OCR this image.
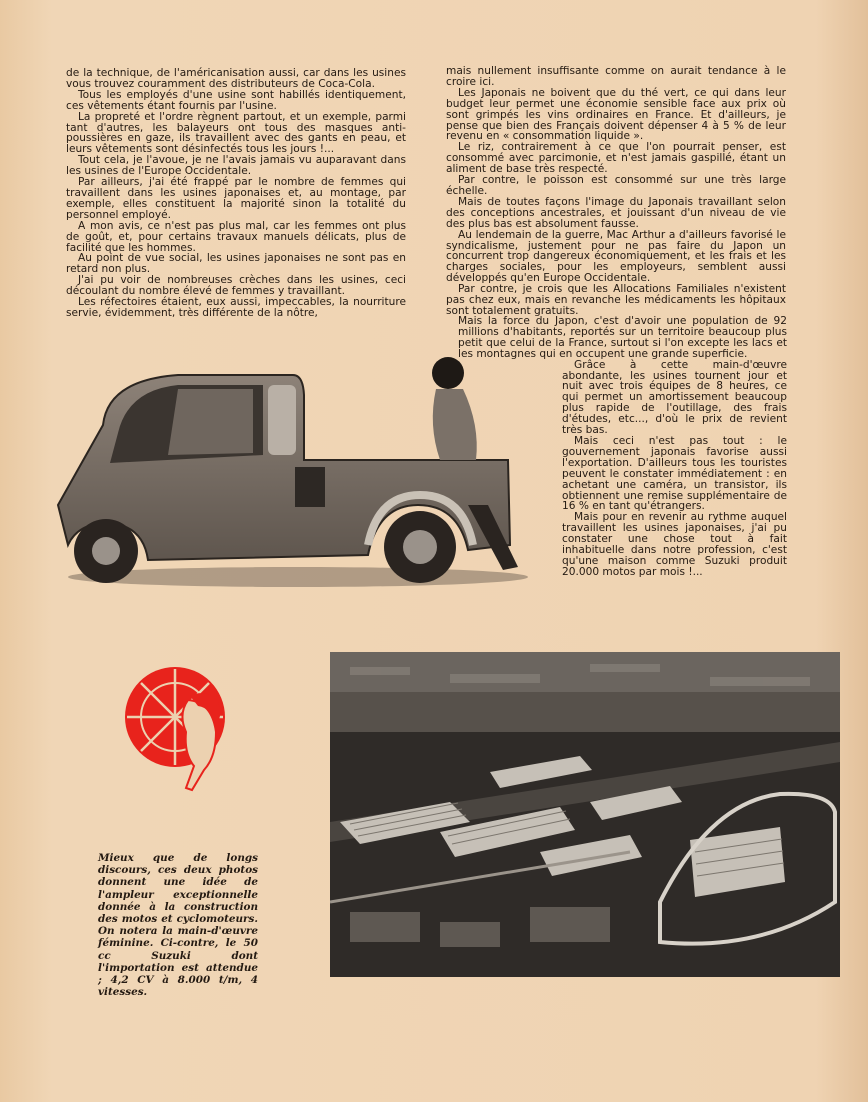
de la technique, de l'américanisation aussi, car dans les usines vous trouvez couramment des distributeurs de Coca-Cola.

Tous les employés d'une usine sont habillés identiquement, ces vêtements étant fournis par l'usine.

La propreté et l'ordre règnent partout, et un exemple, parmi tant d'autres, les balayeurs ont tous des masques anti-poussières en gaze, ils travaillent avec des gants en peau, et leurs vêtements sont désinfectés tous les jours !...

Tout cela, je l'avoue, je ne l'avais jamais vu auparavant dans les usines de l'Europe Occidentale.

Par ailleurs, j'ai été frappé par le nombre de femmes qui travaillent dans les usines japonaises et, au montage, par exemple, elles constituent la majorité sinon la totalité du personnel employé.

A mon avis, ce n'est pas plus mal, car les femmes ont plus de goût, et, pour certains travaux manuels délicats, plus de facilité que les hommes.

Au point de vue social, les usines japonaises ne sont pas en retard non plus.

J'ai pu voir de nombreuses crèches dans les usines, ceci découlant du nombre élevé de femmes y travaillant.

Les réfectoires étaient, eux aussi, impeccables, la nourriture servie, évidemment, très différente de la nôtre,

mais nullement insuffisante comme on aurait tendance à le croire ici.

Les Japonais ne boivent que du thé vert, ce qui dans leur budget leur permet une économie sensible face aux prix où sont grimpés les vins ordinaires en France. Et d'ailleurs, je pense que bien des Français doivent dépenser 4 à 5 % de leur revenu en « consommation liquide ».

Le riz, contrairement à ce que l'on pourrait penser, est consommé avec parcimonie, et n'est jamais gaspillé, étant un aliment de base très respecté.

Par contre, le poisson est consommé sur une très large échelle.

Mais de toutes façons l'image du Japonais travaillant selon des conceptions ancestrales, et jouissant d'un niveau de vie des plus bas est absolument fausse.

Au lendemain de la guerre, Mac Arthur a d'ailleurs favorisé le syndicalisme, justement pour ne pas faire du Japon un concurrent trop dangereux économiquement, et les frais et les charges sociales, pour les employeurs, semblent aussi développés qu'en Europe Occidentale.

Par contre, je crois que les Allocations Familiales n'existent pas chez eux, mais en revanche les médicaments les hôpitaux sont totalement gratuits.

Mais la force du Japon, c'est d'avoir une population de 92 millions d'habitants, reportés sur un territoire beaucoup plus petit que celui de la France, surtout si l'on excepte les lacs et les montagnes qui en occupent une grande superficie.

Grâce à cette main-d'œuvre abondante, les usines tournent jour et nuit avec trois équipes de 8 heures, ce qui permet un amortissement beaucoup plus rapide de l'outillage, des frais d'études, etc..., d'où le prix de revient très bas.

Mais ceci n'est pas tout : le gouvernement japonais favorise aussi l'exportation. D'ailleurs tous les touristes peuvent le constater immédiatement : en achetant une caméra, un transistor, ils obtiennent une remise supplémentaire de 16 % en tant qu'étrangers.

Mais pour en revenir au rythme auquel travaillent les usines japonaises, j'ai pu constater une chose tout à fait inhabituelle dans notre profession, c'est qu'une maison comme Suzuki produit 20.000 motos par mois !...

Mieux que de longs discours, ces deux photos donnent une idée de l'ampleur exceptionnelle donnée à la construction des motos et cyclomoteurs. On notera la main-d'œuvre féminine. Ci-contre, le 50 cc Suzuki dont l'importation est attendue ; 4,2 CV à 8.000 t/m, 4 vitesses.
